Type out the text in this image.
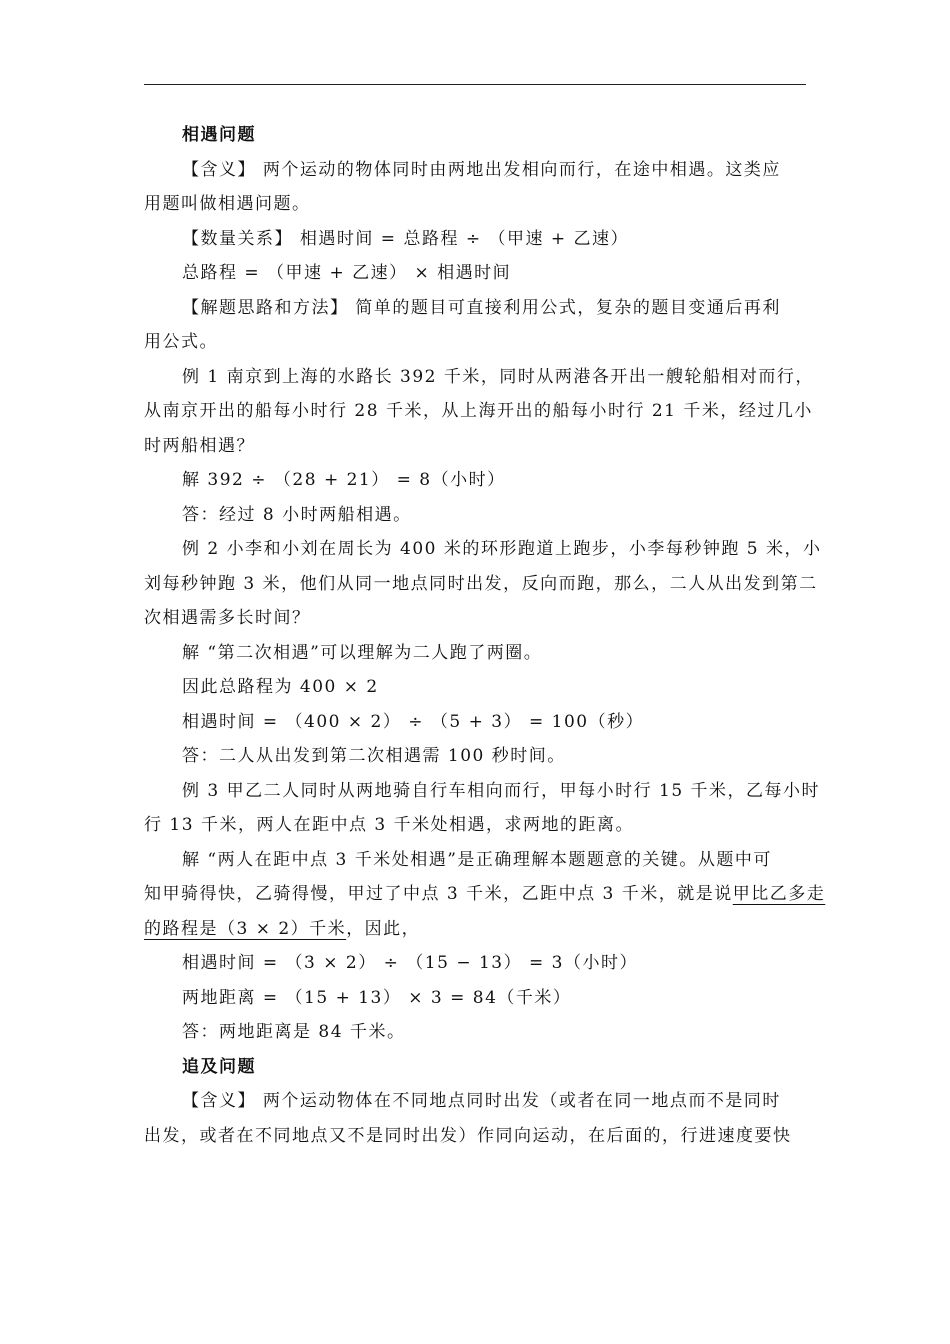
相遇问题
【含义】 两个运动的物体同时由两地出发相向而行，在途中相遇。这类应
用题叫做相遇问题。
【数量关系】 相遇时间 = 总路程 ÷ （甲速 + 乙速）
总路程 = （甲速 + 乙速） × 相遇时间
【解题思路和方法】 简单的题目可直接利用公式，复杂的题目变通后再利
用公式。
例 1 南京到上海的水路长 392 千米，同时从两港各开出一艘轮船相对而行，
从南京开出的船每小时行 28 千米，从上海开出的船每小时行 21 千米，经过几小
时两船相遇？
解 392 ÷ （28 + 21） = 8（小时）
答：经过 8 小时两船相遇。
例 2 小李和小刘在周长为 400 米的环形跑道上跑步，小李每秒钟跑 5 米，小
刘每秒钟跑 3 米，他们从同一地点同时出发，反向而跑，那么，二人从出发到第二
次相遇需多长时间？
解 “第二次相遇”可以理解为二人跑了两圈。
因此总路程为 400 × 2
相遇时间 = （400 × 2） ÷ （5 + 3） = 100（秒）
答：二人从出发到第二次相遇需 100 秒时间。
例 3 甲乙二人同时从两地骑自行车相向而行，甲每小时行 15 千米，乙每小时
行 13 千米，两人在距中点 3 千米处相遇，求两地的距离。
解 “两人在距中点 3 千米处相遇”是正确理解本题题意的关键。从题中可
知甲骑得快，乙骑得慢，甲过了中点 3 千米，乙距中点 3 千米，就是说甲比乙多走
的路程是（3 × 2）千米，因此，
相遇时间 = （3 × 2） ÷ （15 − 13） = 3（小时）
两地距离 = （15 + 13） × 3 = 84（千米）
答：两地距离是 84 千米。
追及问题
【含义】 两个运动物体在不同地点同时出发（或者在同一地点而不是同时
出发，或者在不同地点又不是同时出发）作同向运动，在后面的，行进速度要快
